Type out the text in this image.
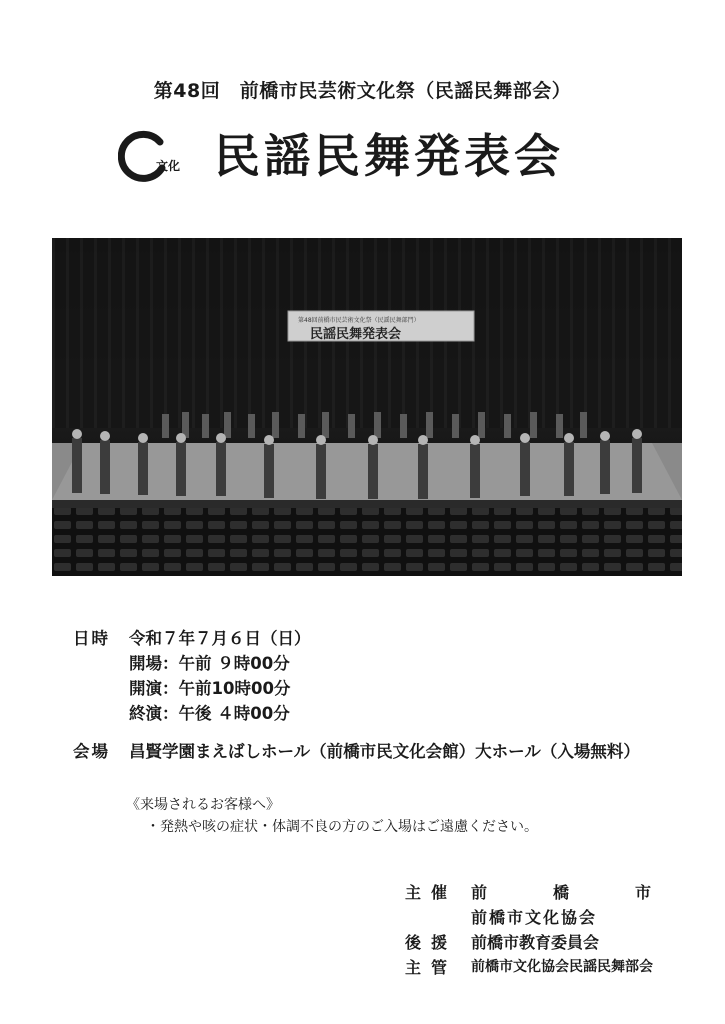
第48回　前橋市民芸術文化祭（民謡民舞部会）
文化 民謡民舞発表会
第48回前橋市民芸術文化祭（民謡民舞部門）
民謡民舞発表会
日時	令和７年７月６日（日）
開場：午前 ９時00分
開演：午前10時00分
終演：午後 ４時00分
会場	昌賢学園まえばしホール（前橋市民文化会館）大ホール（入場無料）
《来場されるお客様へ》
・発熱や咳の症状・体調不良の方のご入場はご遠慮ください。
主催 前	橋	市
前橋市文化協会
後援 前橋市教育委員会
主管 前橋市文化協会民謡民舞部会
